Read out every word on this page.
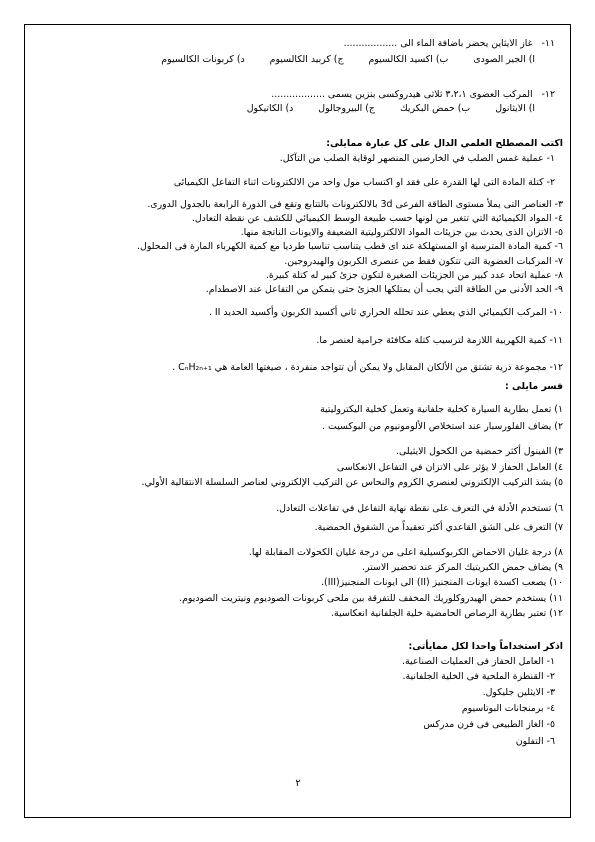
١١-   غاز الايثاين يحضر باضافة الماء الى ..................
ا) الجير الصودى ب) اكسيد الكالسيوم ج) كربيد الكالسيوم د) كربونات الكالسيوم
١٢-   المركب العضوى ٣،٢،١ ثلاثى هيدروكسى بنزين يسمى ..................
ا) الايثانول ب) حمض البكريك ج) البيروجالول د) الكاتيكول
اكتب المصطلح العلمي الدال على كل عبارة ممايلى:
١- عملية غمس الصلب في الخارصين المنصهر لوقاية الصلب من التآكل.
٢- كتلة المادة التى لها القدرة على فقد او اكتساب مول واحد من الالكترونات اثناء التفاعل الكيميائى
٣- العناصر التى يملأ مستوى الطاقة الفرعى 3d بالالكترونات بالتتابع وتقع فى الدورة الرابعة بالجدول الدورى.
٤- المواد الكيميائية التي تتغير من لونها حسب طبيعة الوسط الكيميائي للكشف عن نقطة التعادل.
٥- الاتزان الذى يحدث بين جزيئات المواد الالكتروليتية الضعيفة والايونات الناتجة منها.
٦- كمية المادة المترسبة او المستهلكة عند اى قطب يتناسب تناسبا طرديا مع كمية الكهرباء المارة فى المحلول.
٧- المركبات العضوية التى تتكون فقط من عنصرى الكربون والهيدروجين.
٨- عملية اتحاد عدد كبير من الجزيئات الصغيرة لتكون جزئ كبير له كتلة كبيرة.
٩- الحد الأدنى من الطاقة التي يجب أن يمتلكها الجزئ حتى يتمكن من التفاعل عند الاصطدام.
١٠- المركب الكيميائي الذي يعطي عند تحلله الحراري ثاني أكسيد الكربون وأكسيد الحديد II .
١١- كمية الكهربية اللازمة لترسيب كتلة مكافئة جرامية لعنصر ما.
١٢- مجموعة ذرية تشتق من الألكان المقابل ولا يمكن أن تتواجد منفردة ، صيغتها العامة هي CₙH₂ₙ₊₁ .
فسر مايلى :
١) تعمل بطارية السيارة كخلية جلفانية وتعمل كخلية اليكتروليتية
٢) يضاف الفلورسبار عند استخلاص الألومونيوم من البوكسيت .
٣) الفينول أكثر حمضية من الكحول الايثيلى.
٤) العامل الحفاز لا يؤثر على الاتزان في التفاعل الانعكاسى
٥) يشذ التركيب الإلكتروني لعنصري الكروم والنحاس عن التركيب الإلكتروني لعناصر السلسلة الانتقالية الأولي.
٦) تستخدم الأدلة في التعرف على نقطة نهاية التفاعل في تفاعلات التعادل.
٧) التعرف على الشق القاعدي أكثر تعقيداً من الشقوق الحمضية.
٨) درجة غليان الاحماض الكربوكسيلية اعلى من درجة غليان الكحولات المقابلة لها.
٩) يضاف حمض الكبريتيك المركز عند تحضير الاستر.
١٠) يصعب اكسدة ايونات المنجنيز (II) الى ايونات المنجنيز(III).
١١) يستخدم حمض الهيدروكلوريك المخفف للتفرقة بين ملحى كربونات الصوديوم ونيتريت الصوديوم.
١٢) تعتبر بطارية الرصاص الحامضية خلية الجلفانية انعكاسية.
اذكر استخداماً واحدا لكل ممايأتى:
١- العامل الحفاز فى العمليات الصناعية.
٢- القنطرة الملحية فى الخلية الجلفانية.
٣- الايثلين جليكول.
٤- برمنجانات البوتاسيوم
٥- الغاز الطبيعى فى فرن مدركس
٦- التفلون
٢
